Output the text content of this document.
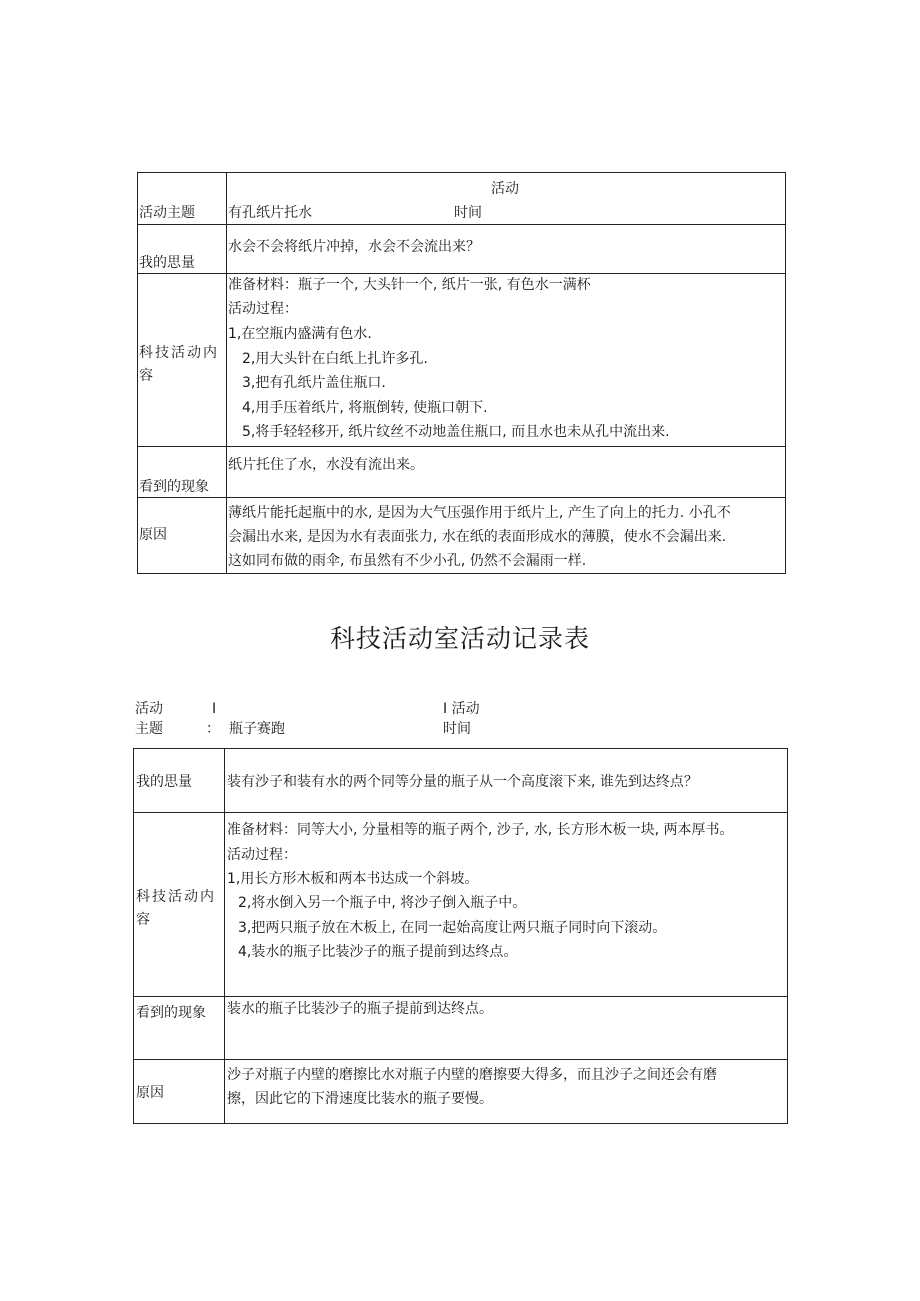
活动主题 有孔纸片托水
活动
时间
我的思量
水会不会将纸片冲掉，水会不会流出来？
科技活动内
容
准备材料：瓶子一个, 大头针一个, 纸片一张, 有色水一满杯
活动过程：
1,在空瓶内盛满有色水.
2,用大头针在白纸上扎许多孔.
3,把有孔纸片盖住瓶口.
4,用手压着纸片, 将瓶倒转, 使瓶口朝下.
5,将手轻轻移开, 纸片纹丝不动地盖住瓶口, 而且水也未从孔中流出来.
看到的现象
纸片托住了水，水没有流出来。
原因
薄纸片能托起瓶中的水, 是因为大气压强作用于纸片上, 产生了向上的托力. 小孔不
会漏出水来, 是因为水有表面张力, 水在纸的表面形成水的薄膜，使水不会漏出来.
这如同布做的雨伞, 布虽然有不少小孔, 仍然不会漏雨一样.
科技活动室活动记录表
活动
主题
I
： 瓶子赛跑
I 活动
时间
我的思量	装有沙子和装有水的两个同等分量的瓶子从一个高度滚下来, 谁先到达终点？
科技活动内
容
准备材料：同等大小, 分量相等的瓶子两个, 沙子, 水, 长方形木板一块, 两本厚书。
活动过程：
1,用长方形木板和两本书达成一个斜坡。
2,将水倒入另一个瓶子中, 将沙子倒入瓶子中。
3,把两只瓶子放在木板上, 在同一起始高度让两只瓶子同时向下滚动。
4,装水的瓶子比装沙子的瓶子提前到达终点。
看到的现象 装水的瓶子比装沙子的瓶子提前到达终点。
原因
沙子对瓶子内壁的磨擦比水对瓶子内壁的磨擦要大得多，而且沙子之间还会有磨
擦，因此它的下滑速度比装水的瓶子要慢。
